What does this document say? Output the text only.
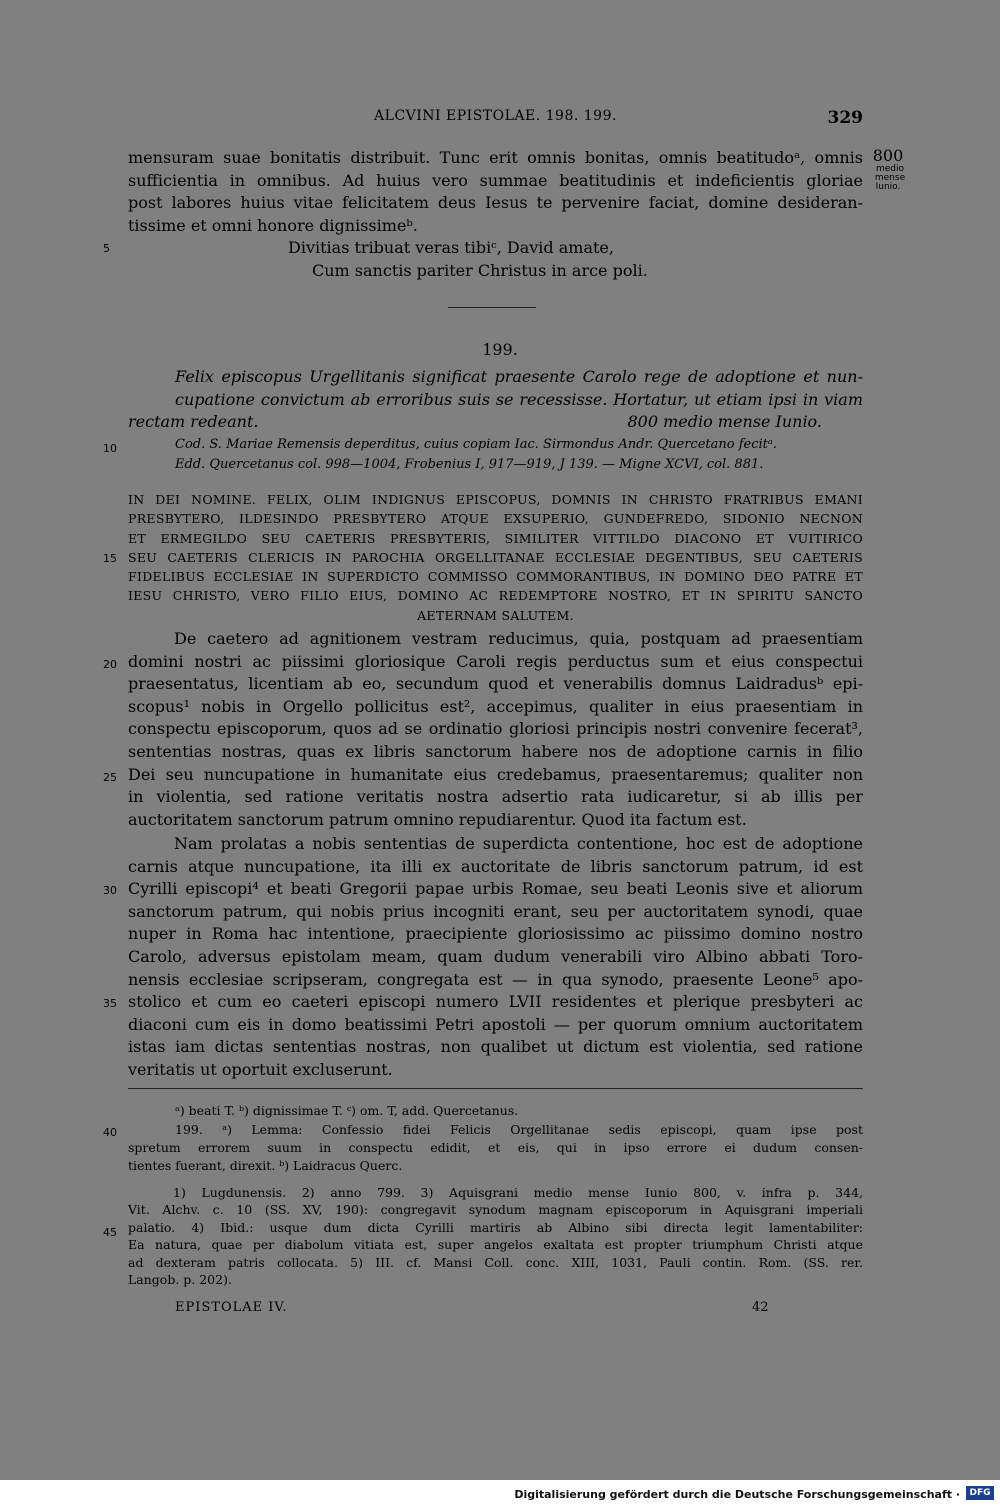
ALCVINI EPISTOLAE. 198. 199.	329
800
medio mense
Iunio.
mensuram suae bonitatis distribuit. Tunc erit omnis bonitas, omnis beatitudoᵃ, omnis
sufficientia in omnibus. Ad huius vero summae beatitudinis et indeficientis gloriae
post labores huius vitae felicitatem deus Iesus te pervenire faciat, domine desideran-
tissime et omni honore dignissimeᵇ.
Divitias tribuat veras tibiᶜ, David amate,
Cum sanctis pariter Christus in arce poli.
199.
Felix episcopus Urgellitanis significat praesente Carolo rege de adoptione et nun-
cupatione convictum ab erroribus suis se recessisse. Hortatur, ut etiam ipsi in viam
rectam redeant.	800 medio mense Iunio.
Cod. S. Mariae Remensis deperditus, cuius copiam Iac. Sirmondus Andr. Quercetano fecitᵃ.
Edd. Quercetanus col. 998—1004, Frobenius I, 917—919, J 139. — Migne XCVI, col. 881.
IN DEI NOMINE. FELIX, OLIM INDIGNUS EPISCOPUS, DOMNIS IN CHRISTO FRATRIBUS EMANI
PRESBYTERO, ILDESINDO PRESBYTERO ATQUE EXSUPERIO, GUNDEFREDO, SIDONIO NECNON
ET ERMEGILDO SEU CAETERIS PRESBYTERIS, SIMILITER VITTILDO DIACONO ET VUITIRICO
SEU CAETERIS CLERICIS IN PAROCHIA ORGELLITANAE ECCLESIAE DEGENTIBUS, SEU CAETERIS
FIDELIBUS ECCLESIAE IN SUPERDICTO COMMISSO COMMORANTIBUS, IN DOMINO DEO PATRE ET
IESU CHRISTO, VERO FILIO EIUS, DOMINO AC REDEMPTORE NOSTRO, ET IN SPIRITU SANCTO
AETERNAM SALUTEM.
De caetero ad agnitionem vestram reducimus, quia, postquam ad praesentiam
domini nostri ac piissimi gloriosique Caroli regis perductus sum et eius conspectui
praesentatus, licentiam ab eo, secundum quod et venerabilis domnus Laidradusᵇ epi-
scopus¹ nobis in Orgello pollicitus est², accepimus, qualiter in eius praesentiam in
conspectu episcoporum, quos ad se ordinatio gloriosi principis nostri convenire fecerat³,
sententias nostras, quas ex libris sanctorum habere nos de adoptione carnis in filio
Dei seu nuncupatione in humanitate eius credebamus, praesentaremus; qualiter non
in violentia, sed ratione veritatis nostra adsertio rata iudicaretur, si ab illis per
auctoritatem sanctorum patrum omnino repudiarentur. Quod ita factum est.
Nam prolatas a nobis sententias de superdicta contentione, hoc est de adoptione
carnis atque nuncupatione, ita illi ex auctoritate de libris sanctorum patrum, id est
Cyrilli episcopi⁴ et beati Gregorii papae urbis Romae, seu beati Leonis sive et aliorum
sanctorum patrum, qui nobis prius incogniti erant, seu per auctoritatem synodi, quae
nuper in Roma hac intentione, praecipiente gloriosissimo ac piissimo domino nostro
Carolo, adversus epistolam meam, quam dudum venerabili viro Albino abbati Toro-
nensis ecclesiae scripseram, congregata est — in qua synodo, praesente Leone⁵ apo-
stolico et cum eo caeteri episcopi numero LVII residentes et plerique presbyteri ac
diaconi cum eis in domo beatissimi Petri apostoli — per quorum omnium auctoritatem
istas iam dictas sententias nostras, non qualibet ut dictum est violentia, sed ratione
veritatis ut oportuit excluserunt.
5
10
15
20
25
30
35
40
45
ᵃ) beati T. ᵇ) dignissimae T. ᶜ) om. T, add. Quercetanus.
199. ᵃ) Lemma: Confessio fidei Felicis Orgellitanae sedis episcopi, quam ipse post
spretum errorem suum in conspectu edidit, et eis, qui in ipso errore ei dudum consen-
tientes fuerant, direxit. ᵇ) Laidracus Querc.
1) Lugdunensis. 2) anno 799. 3) Aquisgrani medio mense Iunio 800, v. infra p. 344,
Vit. Alchv. c. 10 (SS. XV, 190): congregavit synodum magnam episcoporum in Aquisgrani imperiali
palatio. 4) Ibid.: usque dum dicta Cyrilli martiris ab Albino sibi directa legit lamentabiliter:
Ea natura, quae per diabolum vitiata est, super angelos exaltata est propter triumphum Christi atque
ad dexteram patris collocata. 5) III. cf. Mansi Coll. conc. XIII, 1031, Pauli contin. Rom. (SS. rer.
Langob. p. 202).
EPISTOLAE IV.	42
Digitalisierung gefördert durch die Deutsche Forschungsgemeinschaft ·	DFG
